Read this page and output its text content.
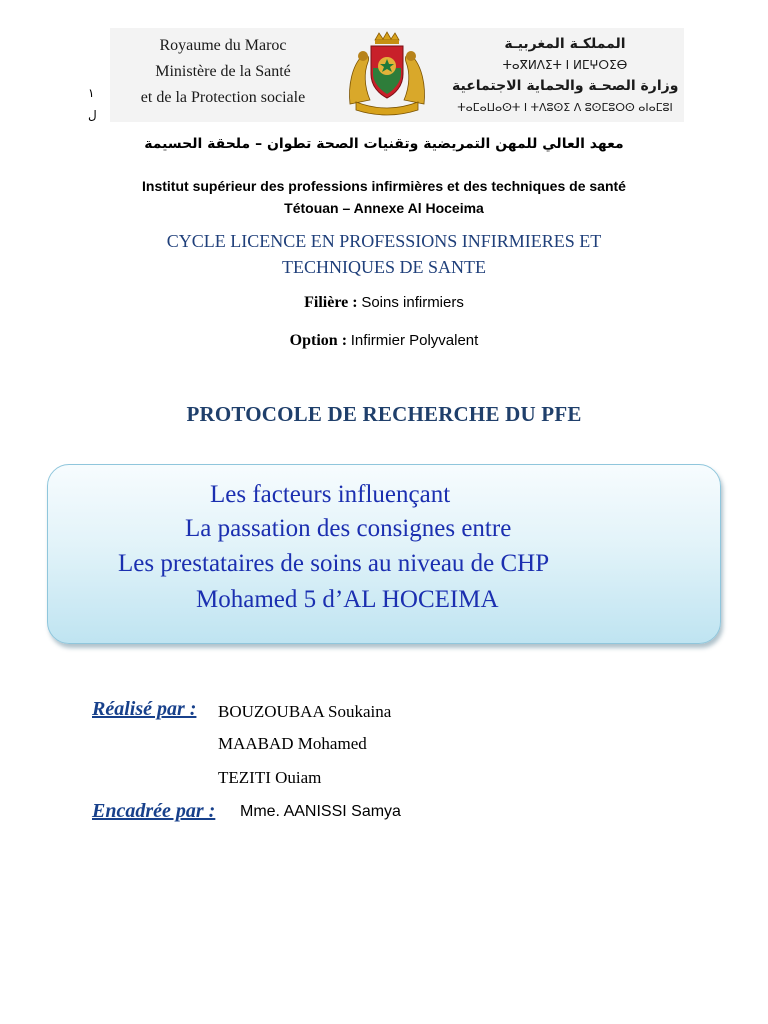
Royaume du Maroc
Ministère de la Santé
et de la Protection sociale
١
ل
المملكـة المغربيـة
ⵜⴰⴳⵍⴷⵉⵜ ⵏ ⵍⵎⵖⵔⵉⴱ
وزارة الصحـة والحماية الاجتماعية
ⵜⴰⵎⴰⵡⴰⵙⵜ ⵏ ⵜⴷⵓⵙⵉ ⴷ ⵓⵙⵎⵓⵔⵙ ⴰⵏⴰⵎⵓⵏ
معهد العالي للمهن التمريضية وتقنيات الصحة تطوان – ملحقة الحسيمة
Institut supérieur des professions infirmières et des techniques de santé
Tétouan – Annexe Al Hoceima
CYCLE LICENCE EN PROFESSIONS INFIRMIERES ET
TECHNIQUES DE SANTE
Filière : Soins infirmiers
Option : Infirmier Polyvalent
PROTOCOLE DE RECHERCHE DU PFE
Les facteurs influençant
La passation des consignes entre
Les prestataires de soins au niveau de CHP
Mohamed 5 d’AL HOCEIMA
Réalisé par : BOUZOUBAA Soukaina
MAABAD Mohamed
TEZITI Ouiam
Encadrée par : Mme. AANISSI Samya
